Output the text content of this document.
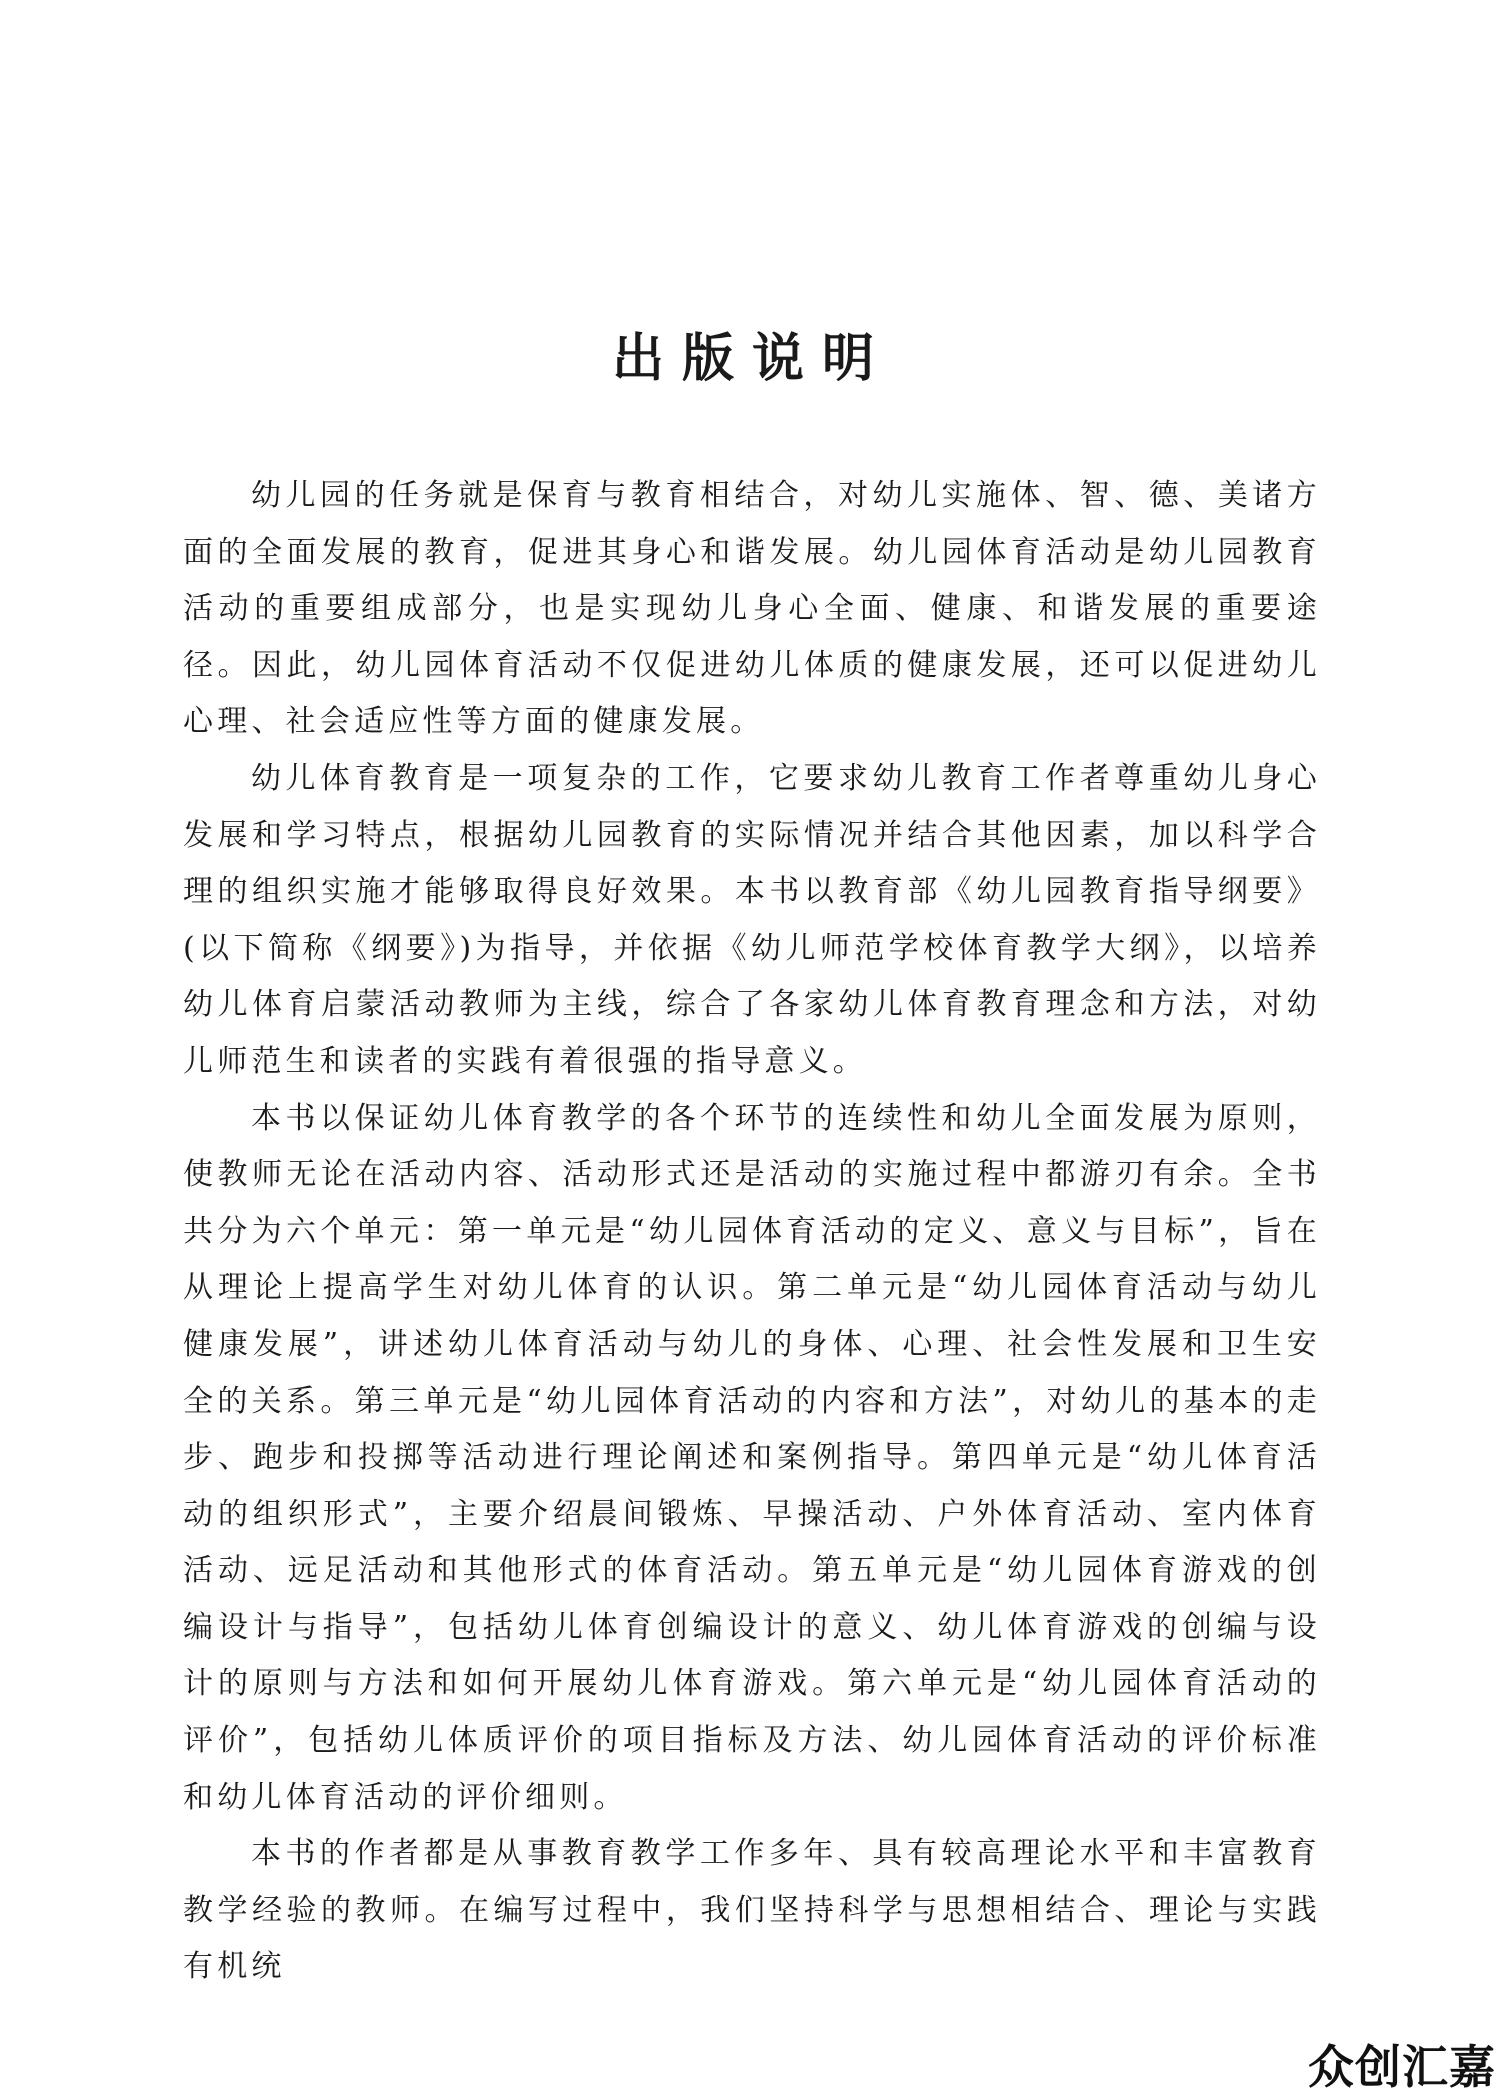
出版说明

幼儿园的任务就是保育与教育相结合，对幼儿实施体、智、德、美诸方面的全面发展的教育，促进其身心和谐发展。幼儿园体育活动是幼儿园教育活动的重要组成部分，也是实现幼儿身心全面、健康、和谐发展的重要途径。因此，幼儿园体育活动不仅促进幼儿体质的健康发展，还可以促进幼儿心理、社会适应性等方面的健康发展。

幼儿体育教育是一项复杂的工作，它要求幼儿教育工作者尊重幼儿身心发展和学习特点，根据幼儿园教育的实际情况并结合其他因素，加以科学合理的组织实施才能够取得良好效果。本书以教育部《幼儿园教育指导纲要》(以下简称《纲要》)为指导，并依据《幼儿师范学校体育教学大纲》，以培养幼儿体育启蒙活动教师为主线，综合了各家幼儿体育教育理念和方法，对幼儿师范生和读者的实践有着很强的指导意义。

本书以保证幼儿体育教学的各个环节的连续性和幼儿全面发展为原则，使教师无论在活动内容、活动形式还是活动的实施过程中都游刃有余。全书共分为六个单元：第一单元是“幼儿园体育活动的定义、意义与目标”，旨在从理论上提高学生对幼儿体育的认识。第二单元是“幼儿园体育活动与幼儿健康发展”，讲述幼儿体育活动与幼儿的身体、心理、社会性发展和卫生安全的关系。第三单元是“幼儿园体育活动的内容和方法”，对幼儿的基本的走步、跑步和投掷等活动进行理论阐述和案例指导。第四单元是“幼儿体育活动的组织形式”，主要介绍晨间锻炼、早操活动、户外体育活动、室内体育活动、远足活动和其他形式的体育活动。第五单元是“幼儿园体育游戏的创编设计与指导”，包括幼儿体育创编设计的意义、幼儿体育游戏的创编与设计的原则与方法和如何开展幼儿体育游戏。第六单元是“幼儿园体育活动的评价”，包括幼儿体质评价的项目指标及方法、幼儿园体育活动的评价标准和幼儿体育活动的评价细则。

本书的作者都是从事教育教学工作多年、具有较高理论水平和丰富教育教学经验的教师。在编写过程中，我们坚持科学与思想相结合、理论与实践有机统

众创汇嘉
